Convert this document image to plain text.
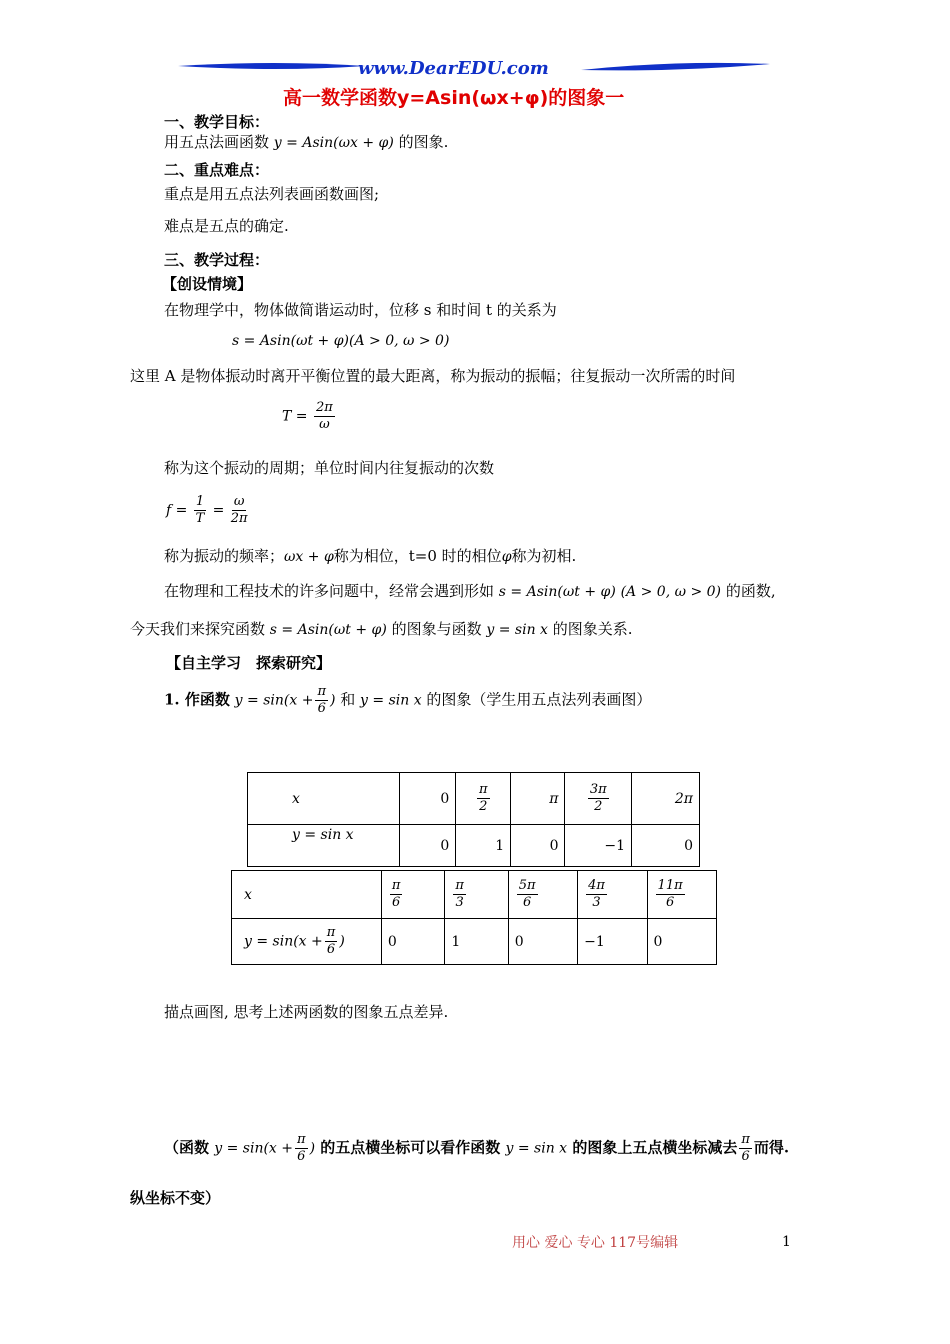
www.DearEDU.com
高一数学函数y=Asin(ωx+φ)的图象一
一、教学目标：
用五点法画函数 y = Asin(ωx + φ) 的图象.
二、重点难点：
重点是用五点法列表画函数画图;
难点是五点的确定.
三、教学过程：
【创设情境】
在物理学中，物体做简谐运动时，位移 s 和时间 t 的关系为
s = Asin(ωt + φ)(A > 0, ω > 0)
这里 A 是物体振动时离开平衡位置的最大距离，称为振动的振幅；往复振动一次所需的时间
$T = \frac{2\pi}{\omega}$
称为这个振动的周期；单位时间内往复振动的次数
$f = \frac{1}{T} = \frac{\omega}{2\pi}$
称为振动的频率；ωx + φ称为相位，t=0 时的相位φ称为初相.
在物理和工程技术的许多问题中，经常会遇到形如 s = Asin(ωt + φ) (A > 0, ω > 0) 的函数,
今天我们来探究函数 s = Asin(ωt + φ) 的图象与函数 y = sin x 的图象关系.
【自主学习　探索研究】
1. 作函数 $y = \sin(x + \frac{\pi}{6}$ ) 和 y = sin x 的图象（学生用五点法列表画图）
x	0	$\frac{\pi}{2}$	π	$\frac{3\pi}{2}$	2π
y = sin x	0	1	0	−1	0
x	$\frac{\pi}{6}$	$\frac{\pi}{3}$	$\frac{5\pi}{6}$	$\frac{4\pi}{3}$	$\frac{11\pi}{6}$

$y = \sin(x + \frac{\pi}{6}$ )	0	1	0	−1	0
描点画图, 思考上述两函数的图象五点差异.
（函数 $y = \sin(x + \frac{\pi}{6}$ ) 的五点横坐标可以看作函数 y = sin x 的图象上五点横坐标减去 $\frac{\pi}{6}$ 而得.
纵坐标不变）
用心 爱心 专心 117号编辑	1
